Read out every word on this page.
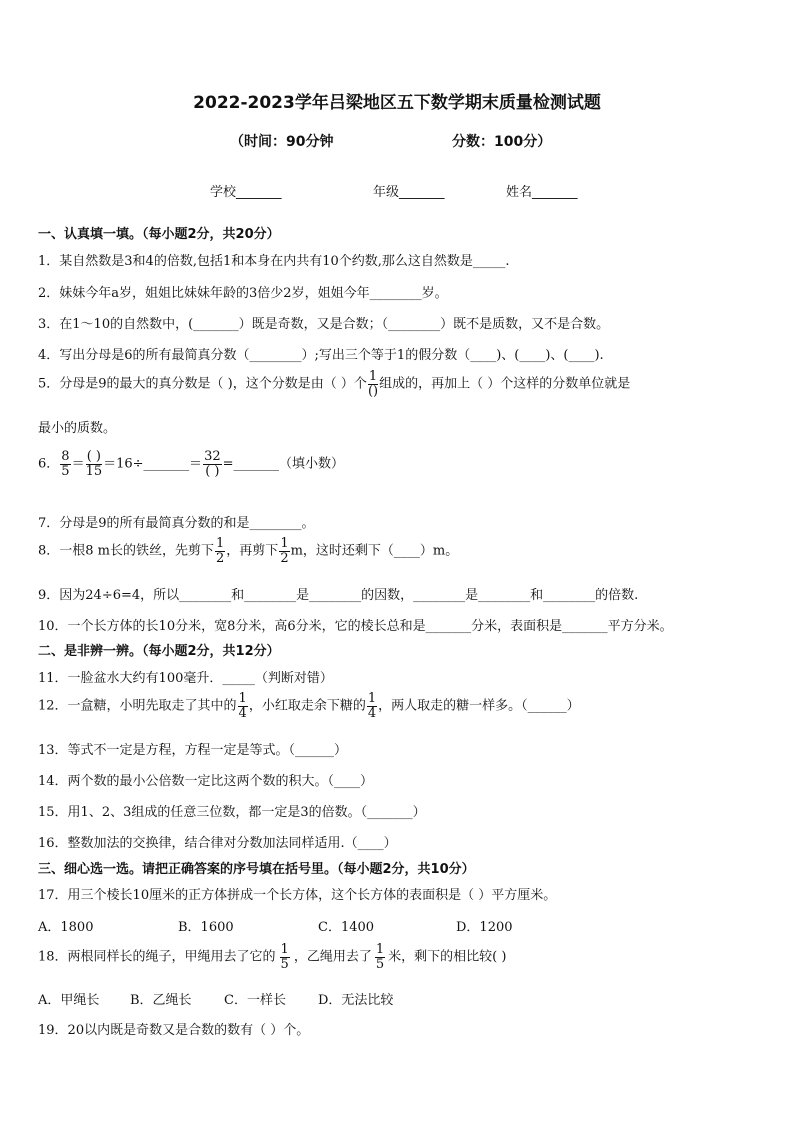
2022-2023学年吕梁地区五下数学期末质量检测试题
（时间：90分钟	分数：100分）
学校_______	年级_______	姓名_______
一、认真填一填。（每小题2分，共20分）
1．某自然数是3和4的倍数,包括1和本身在内共有10个约数,那么这自然数是_____.
2．妹妹今年a岁，姐姐比妹妹年龄的3倍少2岁，姐姐今年________岁。
3．在1～10的自然数中，(_______）既是奇数，又是合数；（________）既不是质数，又不是合数。
4．写出分母是6的所有最简真分数（________）;写出三个等于1的假分数（____)、(____)、(____).
5．分母是9的最大的真分数是（ )，这个分数是由（ ）个 $\frac{1}{()}$ 组成的，再加上（ ）个这样的分数单位就是
最小的质数。
6． $\frac{8}{5} = \frac{( )}{15}$ ＝16÷_______＝ $\frac{32}{( )}$ =_______（填小数）
7．分母是9的所有最简真分数的和是________。
8．一根8 m长的铁丝，先剪下 $\frac{1}{2}$ ，再剪下 $\frac{1}{2}$ m，这时还剩下（____）m。
9．因为24÷6=4，所以________和________是________的因数，________是________和________的倍数.
10．一个长方体的长10分米，宽8分米，高6分米，它的棱长总和是_______分米，表面积是_______平方分米。
二、是非辨一辨。（每小题2分，共12分）
11．一脸盆水大约有100毫升．_____（判断对错）
12．一盒糖，小明先取走了其中的 $\frac{1}{4}$ ，小红取走余下糖的 $\frac{1}{4}$ ，两人取走的糖一样多。（______）
13．等式不一定是方程，方程一定是等式。（______）
14．两个数的最小公倍数一定比这两个数的积大。（____）
15．用1、2、3组成的任意三位数，都一定是3的倍数。（_______）
16．整数加法的交换律，结合律对分数加法同样适用.（____）
三、细心选一选。请把正确答案的序号填在括号里。（每小题2分，共10分）
17．用三个棱长10厘米的正方体拼成一个长方体，这个长方体的表面积是（ ）平方厘米。
A．1800	B．1600	C．1400	D．1200
18．两根同样长的绳子，甲绳用去了它的 $\frac{1}{5}$ ，乙绳用去了 $\frac{1}{5}$ 米，剩下的相比较( )
A．甲绳长 B．乙绳长 C．一样长 D．无法比较
19．20以内既是奇数又是合数的数有（ ）个。
